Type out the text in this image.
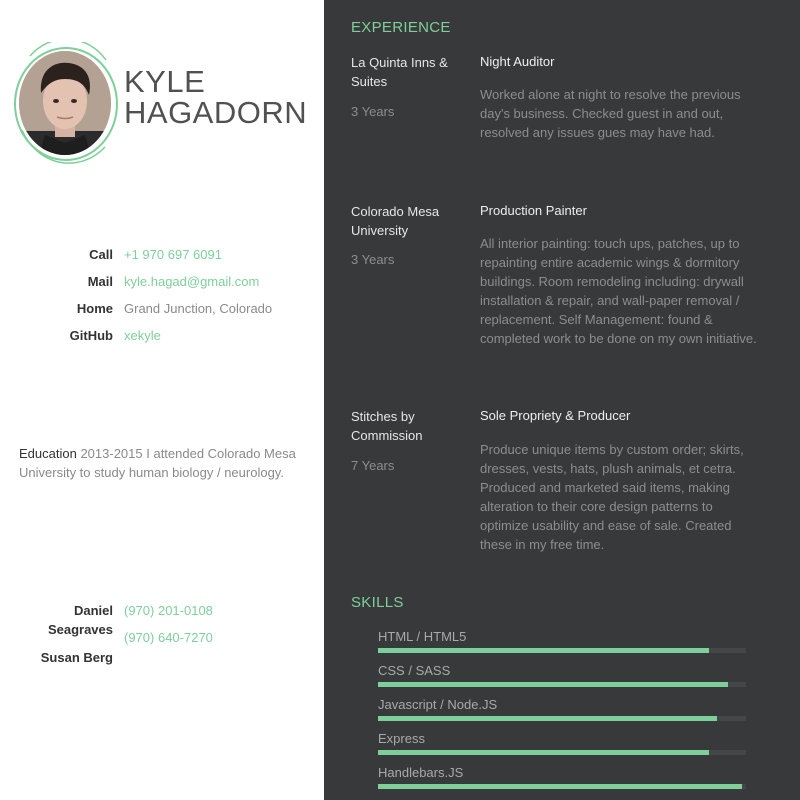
KYLE
HAGADORN
Call +1 970 697 6091
Mail kyle.hagad@gmail.com
Home Grand Junction, Colorado
GitHub xekyle
Education 2013-2015 I attended Colorado Mesa University to study human biology / neurology.
Daniel Seagraves
(970) 201-0108
Susan Berg
(970) 640-7270
EXPERIENCE
La Quinta Inns & Suites
3 Years
Night Auditor
Worked alone at night to resolve the previous day's business. Checked guest in and out, resolved any issues gues may have had.
Colorado Mesa University
3 Years
Production Painter
All interior painting: touch ups, patches, up to repainting entire academic wings & dormitory buildings. Room remodeling including: drywall installation & repair, and wall-paper removal / replacement. Self Management: found & completed work to be done on my own initiative.
Stitches by Commission
7 Years
Sole Propriety & Producer
Produce unique items by custom order; skirts, dresses, vests, hats, plush animals, et cetra. Produced and marketed said items, making alteration to their core design patterns to optimize usability and ease of sale. Created these in my free time.
SKILLS
HTML / HTML5
CSS / SASS
Javascript / Node.JS
Express
Handlebars.JS
